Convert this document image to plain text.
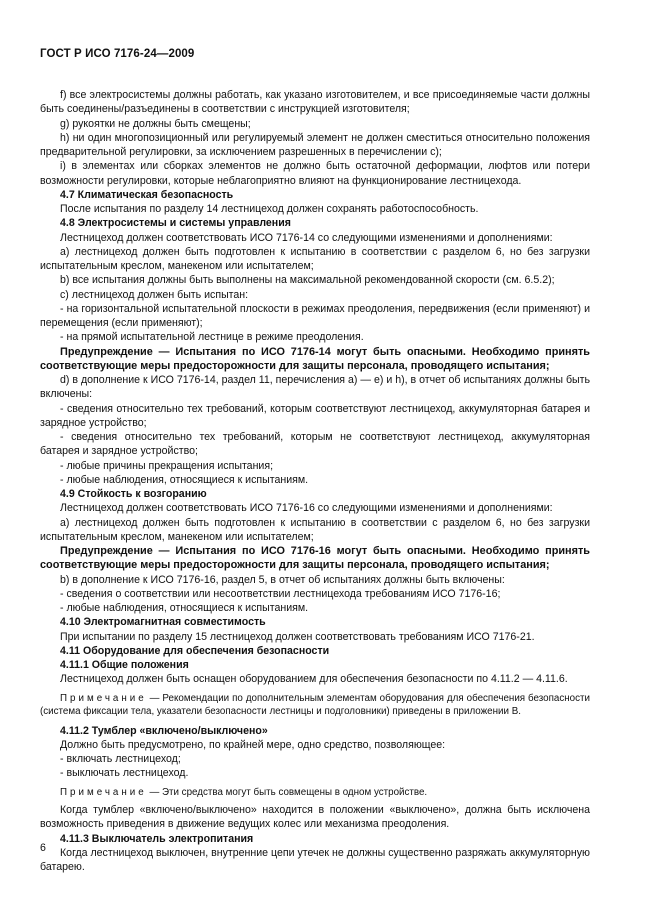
ГОСТ Р ИСО 7176-24—2009

f) все электросистемы должны работать, как указано изготовителем, и все присоединяемые части должны быть соединены/разъединены в соответствии с инструкцией изготовителя;

g) рукоятки не должны быть смещены;

h) ни один многопозиционный или регулируемый элемент не должен сместиться относительно положения предварительной регулировки, за исключением разрешенных в перечислении с);

i) в элементах или сборках элементов не должно быть остаточной деформации, люфтов или потери возможности регулировки, которые неблагоприятно влияют на функционирование лестницехода.

4.7 Климатическая безопасность

После испытания по разделу 14 лестницеход должен сохранять работоспособность.

4.8 Электросистемы и системы управления

Лестницеход должен соответствовать ИСО 7176-14 со следующими изменениями и дополнениями:

а) лестницеход должен быть подготовлен к испытанию в соответствии с разделом 6, но без загрузки испытательным креслом, манекеном или испытателем;

b) все испытания должны быть выполнены на максимальной рекомендованной скорости (см. 6.5.2);

c) лестницеход должен быть испытан:

- на горизонтальной испытательной плоскости в режимах преодоления, передвижения (если применяют) и перемещения (если применяют);

- на прямой испытательной лестнице в режиме преодоления.

Предупреждение — Испытания по ИСО 7176-14 могут быть опасными. Необходимо принять соответствующие меры предосторожности для защиты персонала, проводящего испытания;

d) в дополнение к ИСО 7176-14, раздел 11, перечисления а) — е) и h), в отчет об испытаниях должны быть включены:

- сведения относительно тех требований, которым соответствуют лестницеход, аккумуляторная батарея и зарядное устройство;

- сведения относительно тех требований, которым не соответствуют лестницеход, аккумуляторная батарея и зарядное устройство;

- любые причины прекращения испытания;

- любые наблюдения, относящиеся к испытаниям.

4.9 Стойкость к возгоранию

Лестницеход должен соответствовать ИСО 7176-16 со следующими изменениями и дополнениями:

а) лестницеход должен быть подготовлен к испытанию в соответствии с разделом 6, но без загрузки испытательным креслом, манекеном или испытателем;

Предупреждение — Испытания по ИСО 7176-16 могут быть опасными. Необходимо принять соответствующие меры предосторожности для защиты персонала, проводящего испытания;

b) в дополнение к ИСО 7176-16, раздел 5, в отчет об испытаниях должны быть включены:

- сведения о соответствии или несоответствии лестницехода требованиям ИСО 7176-16;

- любые наблюдения, относящиеся к испытаниям.

4.10 Электромагнитная совместимость

При испытании по разделу 15 лестницеход должен соответствовать требованиям ИСО 7176-21.

4.11 Оборудование для обеспечения безопасности

4.11.1 Общие положения

Лестницеход должен быть оснащен оборудованием для обеспечения безопасности по 4.11.2 — 4.11.6.

Примечание — Рекомендации по дополнительным элементам оборудования для обеспечения безопасности (система фиксации тела, указатели безопасности лестницы и подголовники) приведены в приложении В.

4.11.2 Тумблер «включено/выключено»

Должно быть предусмотрено, по крайней мере, одно средство, позволяющее:

- включать лестницеход;

- выключать лестницеход.

Примечание — Эти средства могут быть совмещены в одном устройстве.

Когда тумблер «включено/выключено» находится в положении «выключено», должна быть исключена возможность приведения в движение ведущих колес или механизма преодоления.

4.11.3 Выключатель электропитания

Когда лестницеход выключен, внутренние цепи утечек не должны существенно разряжать аккумуляторную батарею.

6
